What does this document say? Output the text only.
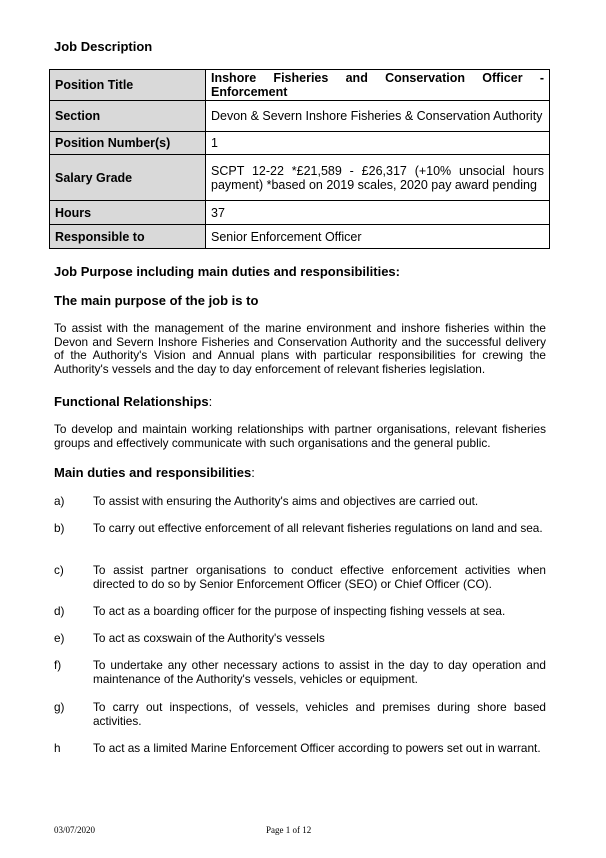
Job Description
Position Title	Inshore Fisheries and Conservation Officer - Enforcement
Section	Devon & Severn Inshore Fisheries & Conservation Authority
Position Number(s)	1
Salary Grade	SCPT 12-22 *£21,589 - £26,317 (+10% unsocial hours payment) *based on 2019 scales, 2020 pay award pending
Hours	37
Responsible to	Senior Enforcement Officer
Job Purpose including main duties and responsibilities:
The main purpose of the job is to
To assist with the management of the marine environment and inshore fisheries within the Devon and Severn Inshore Fisheries and Conservation Authority and the successful delivery of the Authority's Vision and Annual plans with particular responsibilities for crewing the Authority's vessels and the day to day enforcement of relevant fisheries legislation.
Functional Relationships:
To develop and maintain working relationships with partner organisations, relevant fisheries groups and effectively communicate with such organisations and the general public.
Main duties and responsibilities:
a) To assist with ensuring the Authority's aims and objectives are carried out.
b) To carry out effective enforcement of all relevant fisheries regulations on land and sea.
c) To assist partner organisations to conduct effective enforcement activities when directed to do so by Senior Enforcement Officer (SEO) or Chief Officer (CO).
d) To act as a boarding officer for the purpose of inspecting fishing vessels at sea.
e) To act as coxswain of the Authority's vessels
f)	To undertake any other necessary actions to assist in the day to day operation and maintenance of the Authority's vessels, vehicles or equipment.
g) To carry out inspections, of vessels, vehicles and premises during shore based activities.
h	To act as a limited Marine Enforcement Officer according to powers set out in warrant.
03/07/2020	Page 1 of 12
